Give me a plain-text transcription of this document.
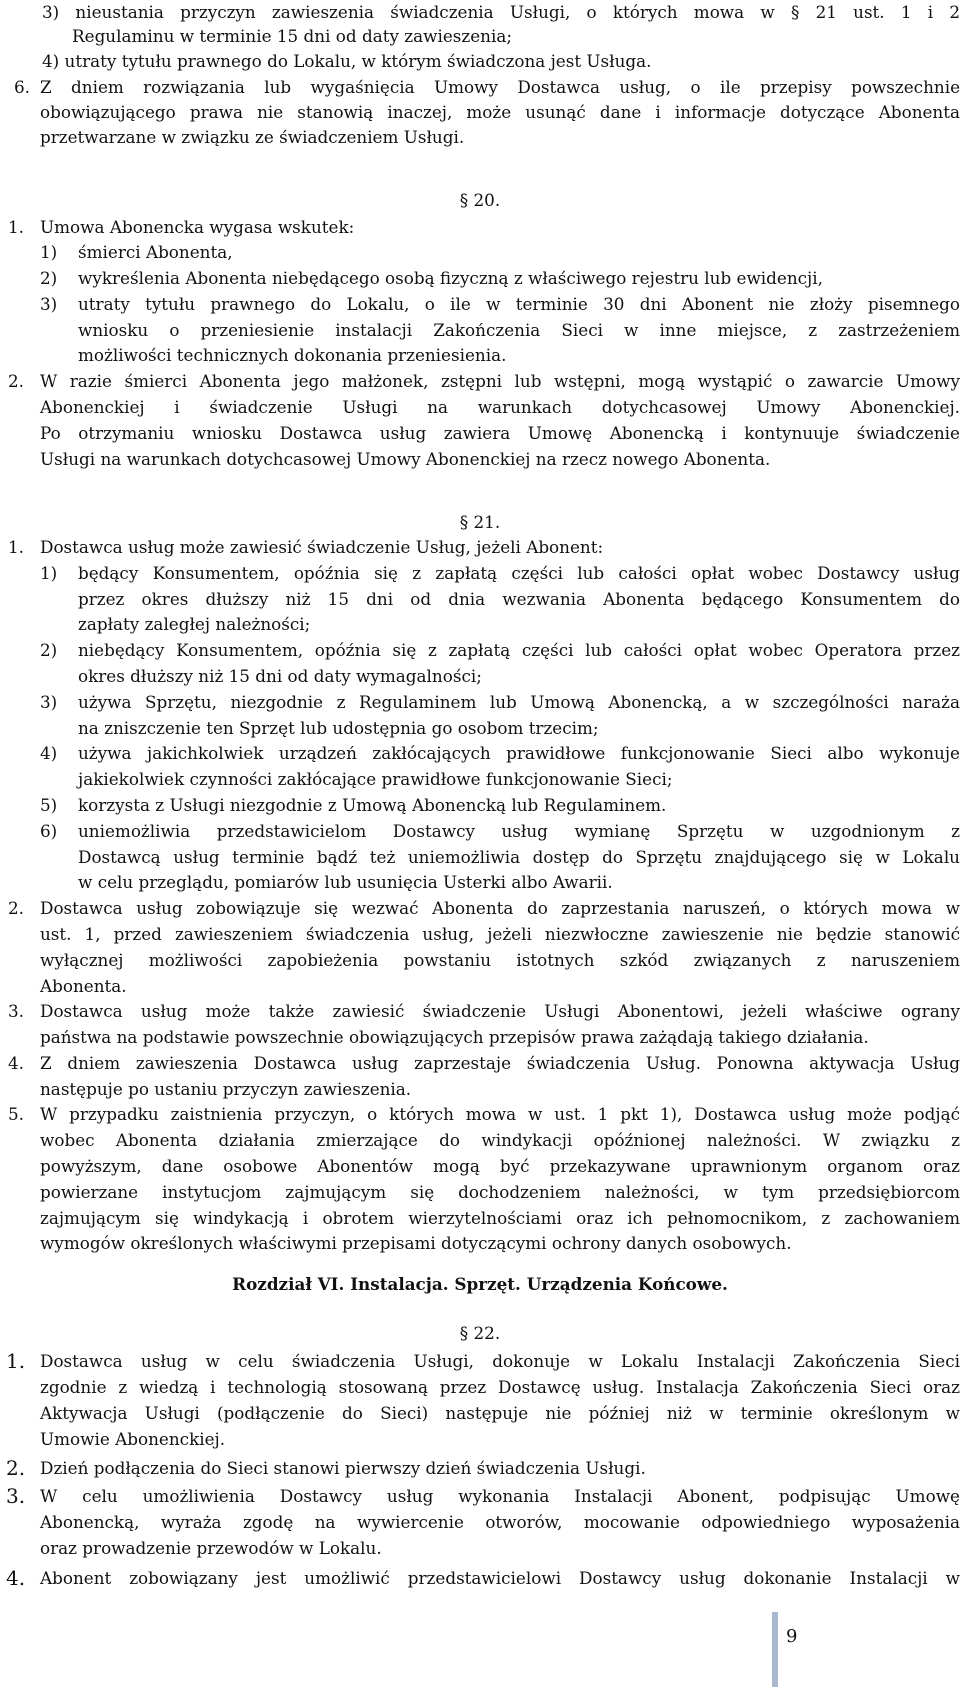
3) nieustania przyczyn zawieszenia świadczenia Usługi, o których mowa w § 21 ust. 1 i 2
Regulaminu w terminie 15 dni od daty zawieszenia;
4) utraty tytułu prawnego do Lokalu, w którym świadczona jest Usługa.
6. Z dniem rozwiązania lub wygaśnięcia Umowy Dostawca usług, o ile przepisy powszechnie
obowiązującego prawa nie stanowią inaczej, może usunąć dane i informacje dotyczące Abonenta
przetwarzane w związku ze świadczeniem Usługi.
§ 20.
1. Umowa Abonencka wygasa wskutek:
1) śmierci Abonenta,
2) wykreślenia Abonenta niebędącego osobą fizyczną z właściwego rejestru lub ewidencji,
3) utraty tytułu prawnego do Lokalu, o ile w terminie 30 dni Abonent nie złoży pisemnego
wniosku o przeniesienie instalacji Zakończenia Sieci w inne miejsce, z zastrzeżeniem
możliwości technicznych dokonania przeniesienia.
2. W razie śmierci Abonenta jego małżonek, zstępni lub wstępni, mogą wystąpić o zawarcie Umowy
Abonenckiej i świadczenie Usługi na warunkach dotychcasowej Umowy Abonenckiej.
Po otrzymaniu wniosku Dostawca usług zawiera Umowę Abonencką i kontynuuje świadczenie
Usługi na warunkach dotychcasowej Umowy Abonenckiej na rzecz nowego Abonenta.
§ 21.
1. Dostawca usług może zawiesić świadczenie Usług, jeżeli Abonent:
1) będący Konsumentem, opóźnia się z zapłatą części lub całości opłat wobec Dostawcy usług
przez okres dłuższy niż 15 dni od dnia wezwania Abonenta będącego Konsumentem do
zapłaty zaległej należności;
2) niebędący Konsumentem, opóźnia się z zapłatą części lub całości opłat wobec Operatora przez
okres dłuższy niż 15 dni od daty wymagalności;
3) używa Sprzętu, niezgodnie z Regulaminem lub Umową Abonencką, a w szczególności naraża
na zniszczenie ten Sprzęt lub udostępnia go osobom trzecim;
4) używa jakichkolwiek urządzeń zakłócających prawidłowe funkcjonowanie Sieci albo wykonuje
jakiekolwiek czynności zakłócające prawidłowe funkcjonowanie Sieci;
5) korzysta z Usługi niezgodnie z Umową Abonencką lub Regulaminem.
6) uniemożliwia przedstawicielom Dostawcy usług wymianę Sprzętu w uzgodnionym z
Dostawcą usług terminie bądź też uniemożliwia dostęp do Sprzętu znajdującego się w Lokalu
w celu przeglądu, pomiarów lub usunięcia Usterki albo Awarii.
2. Dostawca usług zobowiązuje się wezwać Abonenta do zaprzestania naruszeń, o których mowa w
ust. 1, przed zawieszeniem świadczenia usług, jeżeli niezwłoczne zawieszenie nie będzie stanowić
wyłącznej możliwości zapobieżenia powstaniu istotnych szkód związanych z naruszeniem
Abonenta.
3. Dostawca usług może także zawiesić świadczenie Usługi Abonentowi, jeżeli właściwe ograny
państwa na podstawie powszechnie obowiązujących przepisów prawa zażądają takiego działania.
4. Z dniem zawieszenia Dostawca usług zaprzestaje świadczenia Usług. Ponowna aktywacja Usług
następuje po ustaniu przyczyn zawieszenia.
5. W przypadku zaistnienia przyczyn, o których mowa w ust. 1 pkt 1), Dostawca usług może podjąć
wobec Abonenta działania zmierzające do windykacji opóźnionej należności. W związku z
powyższym, dane osobowe Abonentów mogą być przekazywane uprawnionym organom oraz
powierzane instytucjom zajmującym się dochodzeniem należności, w tym przedsiębiorcom
zajmującym się windykacją i obrotem wierzytelnościami oraz ich pełnomocnikom, z zachowaniem
wymogów określonych właściwymi przepisami dotyczącymi ochrony danych osobowych.
Rozdział VI. Instalacja. Sprzęt. Urządzenia Końcowe.
§ 22.
1. Dostawca usług w celu świadczenia Usługi, dokonuje w Lokalu Instalacji Zakończenia Sieci
zgodnie z wiedzą i technologią stosowaną przez Dostawcę usług. Instalacja Zakończenia Sieci oraz
Aktywacja Usługi (podłączenie do Sieci) następuje nie później niż w terminie określonym w
Umowie Abonenckiej.
2. Dzień podłączenia do Sieci stanowi pierwszy dzień świadczenia Usługi.
3. W celu umożliwienia Dostawcy usług wykonania Instalacji Abonent, podpisując Umowę
Abonencką, wyraża zgodę na wywiercenie otworów, mocowanie odpowiedniego wyposażenia
oraz prowadzenie przewodów w Lokalu.
4. Abonent zobowiązany jest umożliwić przedstawicielowi Dostawcy usług dokonanie Instalacji w
9
